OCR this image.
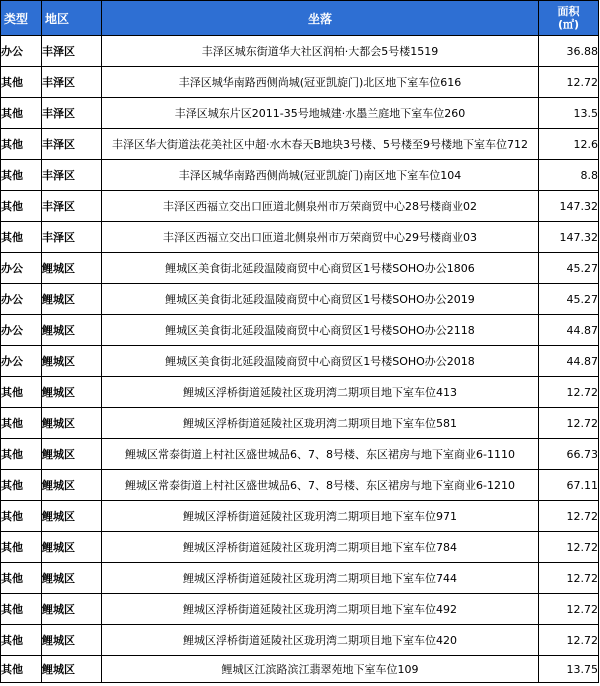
类型	地区	坐落	面积
(㎡)

办公	丰泽区	丰泽区城东街道华大社区润柏·大都会5号楼1519	36.88
其他	丰泽区	丰泽区城华南路西侧尚城(冠亚凯旋门)北区地下室车位616	12.72
其他	丰泽区	丰泽区城东片区2011-35号地城建·水墨兰庭地下室车位260	13.5
其他	丰泽区	丰泽区华大街道法花美社区中超·水木春天B地块3号楼、5号楼至9号楼地下室车位712	12.6
其他	丰泽区	丰泽区城华南路西侧尚城(冠亚凯旋门)南区地下室车位104	8.8
其他	丰泽区	丰泽区西福立交出口匝道北侧泉州市万荣商贸中心28号楼商业02	147.32
其他	丰泽区	丰泽区西福立交出口匝道北侧泉州市万荣商贸中心29号楼商业03	147.32
办公	鲤城区	鲤城区美食街北延段温陵商贸中心商贸区1号楼SOHO办公1806	45.27
办公	鲤城区	鲤城区美食街北延段温陵商贸中心商贸区1号楼SOHO办公2019	45.27
办公	鲤城区	鲤城区美食街北延段温陵商贸中心商贸区1号楼SOHO办公2118	44.87
办公	鲤城区	鲤城区美食街北延段温陵商贸中心商贸区1号楼SOHO办公2018	44.87
其他	鲤城区	鲤城区浮桥街道延陵社区珑玥湾二期项目地下室车位413	12.72
其他	鲤城区	鲤城区浮桥街道延陵社区珑玥湾二期项目地下室车位581	12.72
其他	鲤城区	鲤城区常泰街道上村社区盛世城品6、7、8号楼、东区裙房与地下室商业6-1110	66.73
其他	鲤城区	鲤城区常泰街道上村社区盛世城品6、7、8号楼、东区裙房与地下室商业6-1210	67.11
其他	鲤城区	鲤城区浮桥街道延陵社区珑玥湾二期项目地下室车位971	12.72
其他	鲤城区	鲤城区浮桥街道延陵社区珑玥湾二期项目地下室车位784	12.72
其他	鲤城区	鲤城区浮桥街道延陵社区珑玥湾二期项目地下室车位744	12.72
其他	鲤城区	鲤城区浮桥街道延陵社区珑玥湾二期项目地下室车位492	12.72
其他	鲤城区	鲤城区浮桥街道延陵社区珑玥湾二期项目地下室车位420	12.72
其他	鲤城区	鲤城区江滨路滨江翡翠苑地下室车位109	13.75
